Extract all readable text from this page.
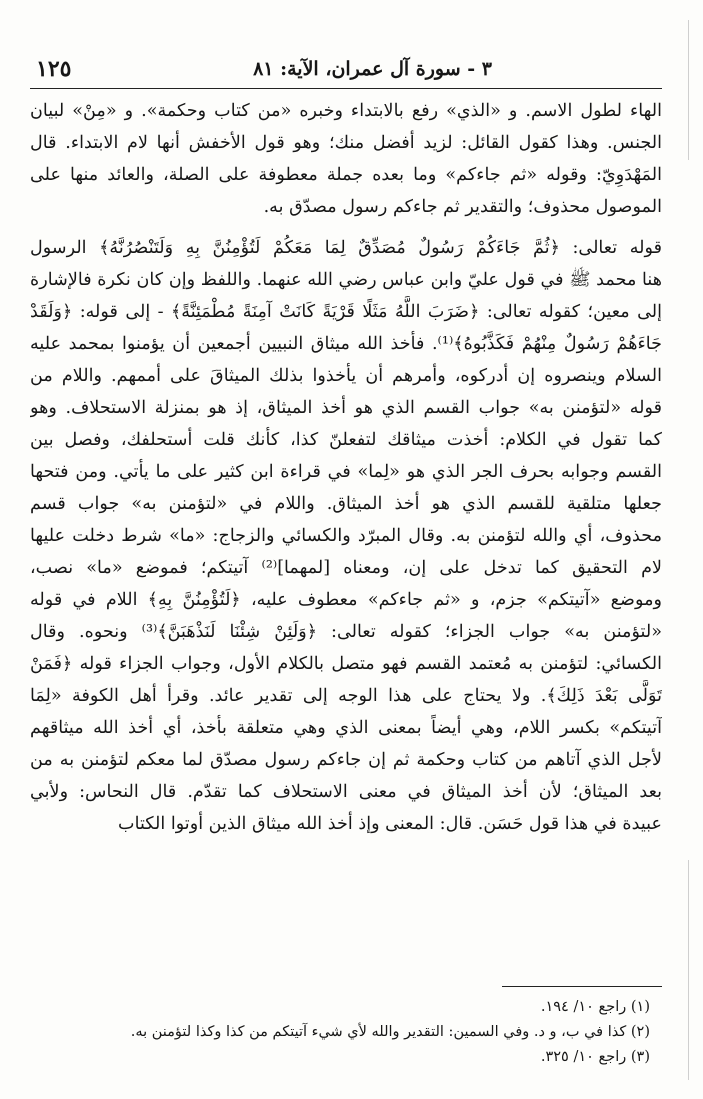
٣ - سورة آل عمران، الآية: ٨١
١٢٥
الهاء لطول الاسم. و «الذي» رفع بالابتداء وخبره «من كتاب وحكمة». و «مِنْ» لبيان
الجنس. وهذا كقول القائل: لزيد أفضل منك؛ وهو قول الأخفش أنها لام الابتداء. قال
المَهْدَوِيّ: وقوله «ثم جاءكم» وما بعده جملة معطوفة على الصلة، والعائد منها على
الموصول محذوف؛ والتقدير ثم جاءكم رسول مصدّق به.
قوله تعالى: ﴿ثُمَّ جَاءَكُمْ رَسُولٌ مُصَدِّقٌ لِمَا مَعَكُمْ لَتُؤْمِنُنَّ بِهِ وَلَتَنْصُرُنَّهُ﴾ الرسول
هنا محمد ﷺ في قول عليّ وابن عباس رضي الله عنهما. واللفظ وإن كان نكرة فالإشارة
إلى معين؛ كقوله تعالى: ﴿ضَرَبَ اللَّهُ مَثَلًا قَرْيَةً كَانَتْ آمِنَةً مُطْمَئِنَّةً﴾ - إلى قوله: ﴿وَلَقَدْ
جَاءَهُمْ رَسُولٌ مِنْهُمْ فَكَذَّبُوهُ﴾⁽¹⁾. فأخذ الله ميثاق النبيين أجمعين أن يؤمنوا بمحمد عليه
السلام وينصروه إن أدركوه، وأمرهم أن يأخذوا بذلك الميثاقَ على أممهم. واللام من
قوله «لتؤمنن به» جواب القسم الذي هو أخذ الميثاق، إذ هو بمنزلة الاستحلاف. وهو
كما تقول في الكلام: أخذت ميثاقك لتفعلنّ كذا، كأنك قلت أستحلفك، وفصل بين
القسم وجوابه بحرف الجر الذي هو «لِما» في قراءة ابن كثير على ما يأتي. ومن فتحها
جعلها متلقية للقسم الذي هو أخذ الميثاق. واللام في «لتؤمنن به» جواب قسم
محذوف، أي والله لتؤمنن به. وقال المبرّد والكسائي والزجاج: «ما» شرط دخلت عليها
لام التحقيق كما تدخل على إن، ومعناه [لمهما]⁽²⁾ آتيتكم؛ فموضع «ما» نصب،
وموضع «آتيتكم» جزم، و «ثم جاءكم» معطوف عليه، ﴿لَتُؤْمِنُنَّ بِهِ﴾ اللام في قوله
«لتؤمنن به» جواب الجزاء؛ كقوله تعالى: ﴿وَلَئِنْ شِئْنَا لَنَذْهَبَنَّ﴾⁽³⁾ ونحوه. وقال
الكسائي: لتؤمنن به مُعتمد القسم فهو متصل بالكلام الأول، وجواب الجزاء قوله ﴿فَمَنْ
تَوَلَّى بَعْدَ ذَلِكَ﴾. ولا يحتاج على هذا الوجه إلى تقدير عائد. وقرأ أهل الكوفة «لِمَا
آتيتكم» بكسر اللام، وهي أيضاً بمعنى الذي وهي متعلقة بأخذ، أي أخذ الله ميثاقهم
لأجل الذي آتاهم من كتاب وحكمة ثم إن جاءكم رسول مصدّق لما معكم لتؤمنن به من
بعد الميثاق؛ لأن أخذ الميثاق في معنى الاستحلاف كما تقدّم. قال النحاس: ولأبي
عبيدة في هذا قول حَسَن. قال: المعنى وإذ أخذ الله ميثاق الذين أوتوا الكتاب
(١) راجع ١٠/ ١٩٤.
(٢) كذا في ب، و د. وفي السمين: التقدير والله لأي شيء آتيتكم من كذا وكذا لتؤمنن به.
(٣) راجع ١٠/ ٣٢٥.
